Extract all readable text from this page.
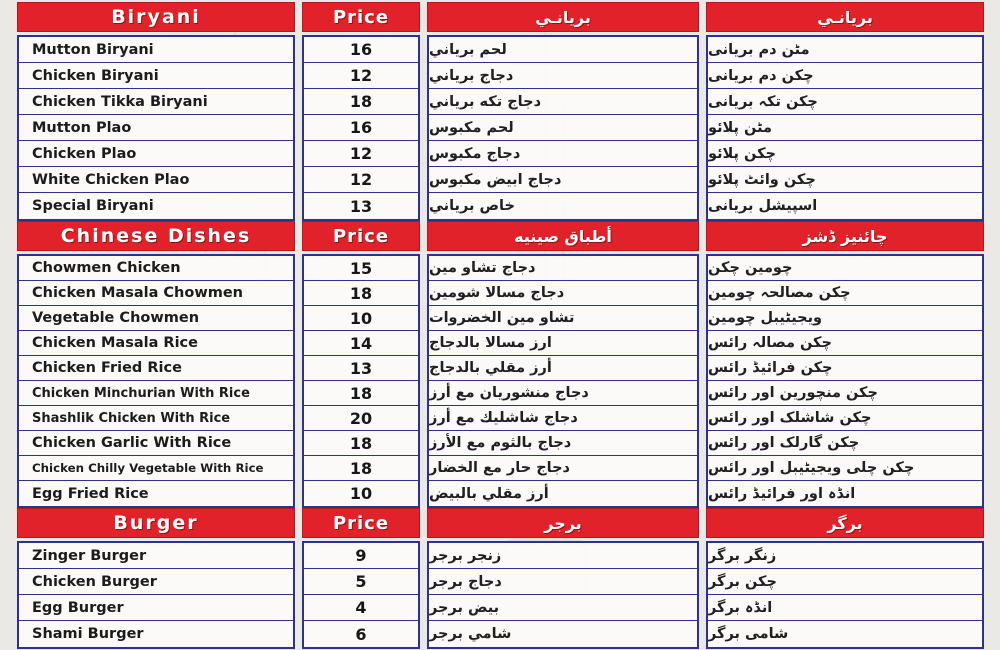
Biryani
Mutton Biryani
Chicken Biryani
Chicken Tikka Biryani
Mutton Plao
Chicken Plao
White Chicken Plao
Special Biryani
Chinese Dishes
Chowmen Chicken
Chicken Masala Chowmen
Vegetable Chowmen
Chicken Masala Rice
Chicken Fried Rice
Chicken Minchurian With Rice
Shashlik Chicken With Rice
Chicken Garlic With Rice
Chicken Chilly Vegetable With Rice
Egg Fried Rice
Burger
Zinger Burger
Chicken Burger
Egg Burger
Shami Burger
Price
16
12
18
16
12
12
13
Price
15
18
10
14
13
18
20
18
18
10
Price
9
5
4
6
بريانـي
لحم برياني
دجاج برياني
دجاج تكه برياني
لحم مكبوس
دجاج مكبوس
دجاج ابيض مكبوس
خاص برياني
أطباق صينيه
دجاج تشاو مين
دجاج مسالا شومين
تشاو مين الخضروات
ارز مسالا بالدجاج
أرز مقلي بالدجاج
دجاج منشوريان مع أرز
دجاج شاشليك مع أرز
دجاج بالثوم مع الأرز
دجاج حار مع الخضار
أرز مقلي بالبيض
برجر
زنجر برجر
دجاج برجر
بيض برجر
شامي برجر
بريانـي
مٹن دم بریانی
چکن دم بریانی
چکن تکہ بریانی
مٹن پلائو
چکن پلائو
چکن وائٹ پلائو
اسپیشل بریانی
چائنیز ڈشز
چومین چکن
چکن مصالحہ چومین
ویجیٹیبل چومین
چکن مصالہ رائس
چکن فرائیڈ رائس
چکن منچورین اور رائس
چکن شاشلک اور رائس
چکن گارلک اور رائس
چکن چلی ویجیٹیبل اور رائس
انڈہ اور فرائیڈ رائس
برگر
زنگر برگر
چکن برگر
انڈہ برگر
شامی برگر
